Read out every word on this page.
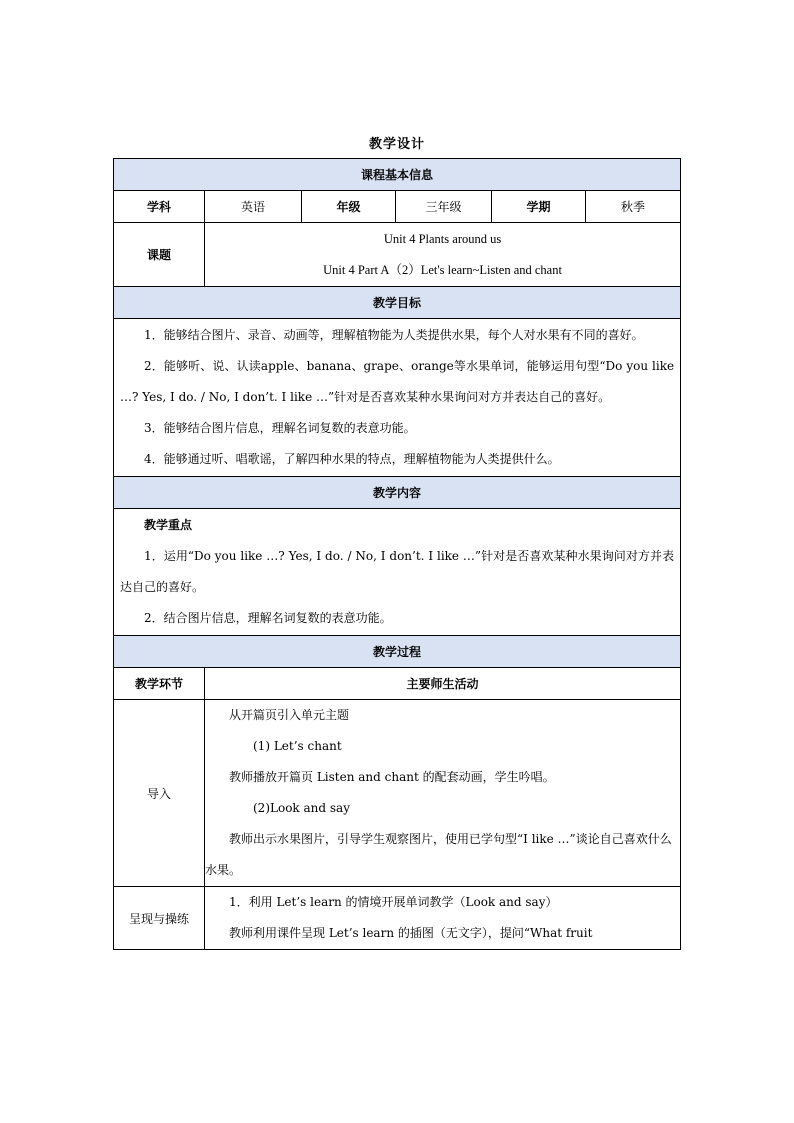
教学设计
课程基本信息					
学科	英语	年级	三年级	学期	秋季
课题	Unit 4 Plants around us
Unit 4 Part A（2）Let's learn~Listen and chant				

教学目标					

1．能够结合图片、录音、动画等，理解植物能为人类提供水果，每个人对水果有不同的喜好。
2．能够听、说、认读apple、banana、grape、orange等水果单词，能够运用句型“Do you like …? Yes, I do. / No, I don’t. I like …”针对是否喜欢某种水果询问对方并表达自己的喜好。
3．能够结合图片信息，理解名词复数的表意功能。
4．能够通过听、唱歌谣，了解四种水果的特点，理解植物能为人类提供什么。					

教学内容					

教学重点
1．运用“Do you like …? Yes, I do. / No, I don’t. I like …”针对是否喜欢某种水果询问对方并表达自己的喜好。
2．结合图片信息，理解名词复数的表意功能。					

教学过程					
教学环节	主要师生活动				
导入	从开篇页引入单元主题
(1) Let’s chant
教师播放开篇页 Listen and chant 的配套动画，学生吟唱。
(2)Look and say
教师出示水果图片，引导学生观察图片，使用已学句型“I like …”谈论自己喜欢什么水果。				

呈现与操练	1．利用 Let’s learn 的情境开展单词教学（Look and say）
教师利用课件呈现 Let’s learn 的插图（无文字），提问“What fruit				
